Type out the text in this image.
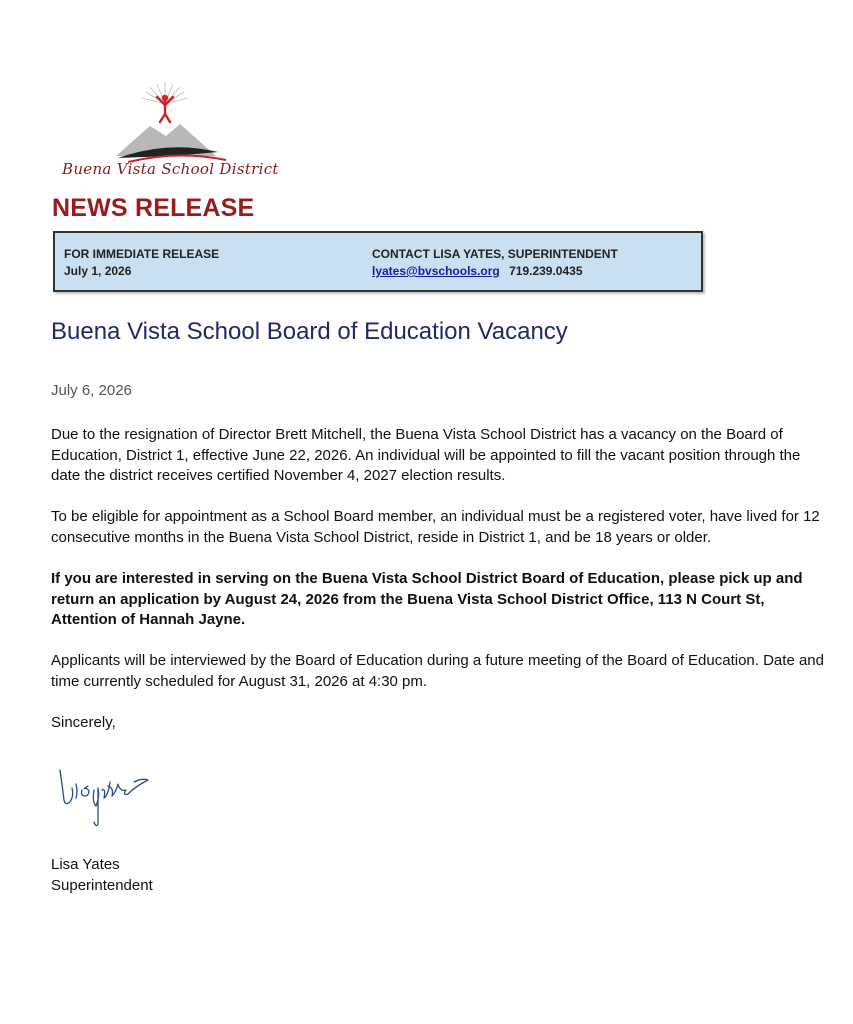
Buena Vista School District
NEWS RELEASE
FOR IMMEDIATE RELEASE
July 1, 2026
CONTACT LISA YATES, SUPERINTENDENT
lyates@bvschools.org 719.239.0435
Buena Vista School Board of Education Vacancy
July 6, 2026
Due to the resignation of Director Brett Mitchell, the Buena Vista School District has a vacancy on the Board of Education, District 1, effective June 22, 2026. An individual will be appointed to fill the vacant position through the date the district receives certified November 4, 2027 election results.
To be eligible for appointment as a School Board member, an individual must be a registered voter, have lived for 12 consecutive months in the Buena Vista School District, reside in District 1, and be 18 years or older.
If you are interested in serving on the Buena Vista School District Board of Education, please pick up and return an application by August 24, 2026 from the Buena Vista School District Office, 113 N Court St, Attention of Hannah Jayne.
Applicants will be interviewed by the Board of Education during a future meeting of the Board of Education. Date and time currently scheduled for August 31, 2026 at 4:30 pm.
Sincerely,
Lisa Yates
Superintendent
